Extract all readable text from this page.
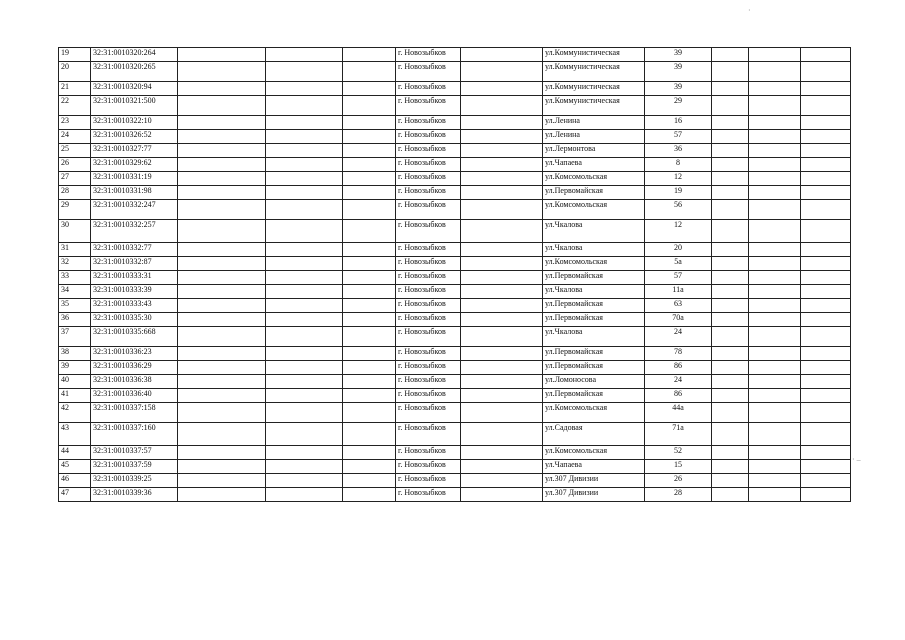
19	32:31:0010320:264				г. Новозыбков		ул.Коммунистическая	39			
20	32:31:0010320:265				г. Новозыбков		ул.Коммунистическая	39			
21	32:31:0010320:94				г. Новозыбков		ул.Коммунистическая	39			
22	32:31:0010321:500				г. Новозыбков		ул.Коммунистическая	29			
23	32:31:0010322:10				г. Новозыбков		ул.Ленина	16			
24	32:31:0010326:52				г. Новозыбков		ул.Ленина	57			
25	32:31:0010327:77				г. Новозыбков		ул.Лермонтова	36			
26	32:31:0010329:62				г. Новозыбков		ул.Чапаева	8			
27	32:31:0010331:19				г. Новозыбков		ул.Комсомольская	12			
28	32:31:0010331:98				г. Новозыбков		ул.Первомайская	19			
29	32:31:0010332:247				г. Новозыбков		ул.Комсомольская	56			
30	32:31:0010332:257				г. Новозыбков		ул.Чкалова	12			
31	32:31:0010332:77				г. Новозыбков		ул.Чкалова	20			
32	32:31:0010332:87				г. Новозыбков		ул.Комсомольская	5а			
33	32:31:0010333:31				г. Новозыбков		ул.Первомайская	57			
34	32:31:0010333:39				г. Новозыбков		ул.Чкалова	11а			
35	32:31:0010333:43				г. Новозыбков		ул.Первомайская	63			
36	32:31:0010335:30				г. Новозыбков		ул.Первомайская	70а			
37	32:31:0010335:668				г. Новозыбков		ул.Чкалова	24			
38	32:31:0010336:23				г. Новозыбков		ул.Первомайская	78			
39	32:31:0010336:29				г. Новозыбков		ул.Первомайская	86			
40	32:31:0010336:38				г. Новозыбков		ул.Ломоносова	24			
41	32:31:0010336:40				г. Новозыбков		ул.Первомайская	86			
42	32:31:0010337:158				г. Новозыбков		ул.Комсомольская	44а			
43	32:31:0010337:160				г. Новозыбков		ул.Садовая	71а			
44	32:31:0010337:57				г. Новозыбков		ул.Комсомольская	52			
45	32:31:0010337:59				г. Новозыбков		ул.Чапаева	15			
46	32:31:0010339:25				г. Новозыбков		ул.307 Дивизии	26			
47	32:31:0010339:36				г. Новозыбков		ул.307 Дивизии	28			
· –
·
